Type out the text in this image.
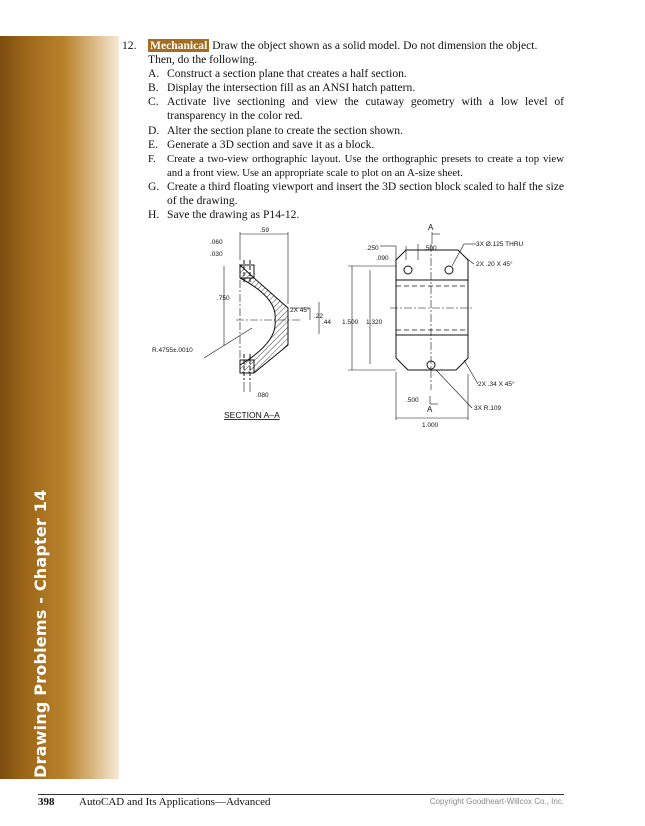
Drawing Problems - Chapter 14
12. Mechanical Draw the object shown as a solid model. Do not dimension the object. Then, do the following.
A. Construct a section plane that creates a half section.
B. Display the intersection fill as an ANSI hatch pattern.
C. Activate live sectioning and view the cutaway geometry with a low level of transparency in the color red.
D. Alter the section plane to create the section shown.
E. Generate a 3D section and save it as a block.
F. Create a two-view orthographic layout. Use the orthographic presets to create a top view and a front view. Use an appropriate scale to plot on an A-size sheet.
G. Create a third floating viewport and insert the 3D section block scaled to half the size of the drawing.
H. Save the drawing as P14-12.
.59
.060
.030
.750
2X 45°
.22
.44
R.4755±.0010
.080
SECTION A–A
A
A
.250	.500
.090
3X Ø.125 THRU
2X .20 X 45°
1.500 1.320
2X .34 X 45°
.500
3X R.109
1.000
398 AutoCAD and Its Applications—Advanced	Copyright Goodheart-Willcox Co., Inc.
